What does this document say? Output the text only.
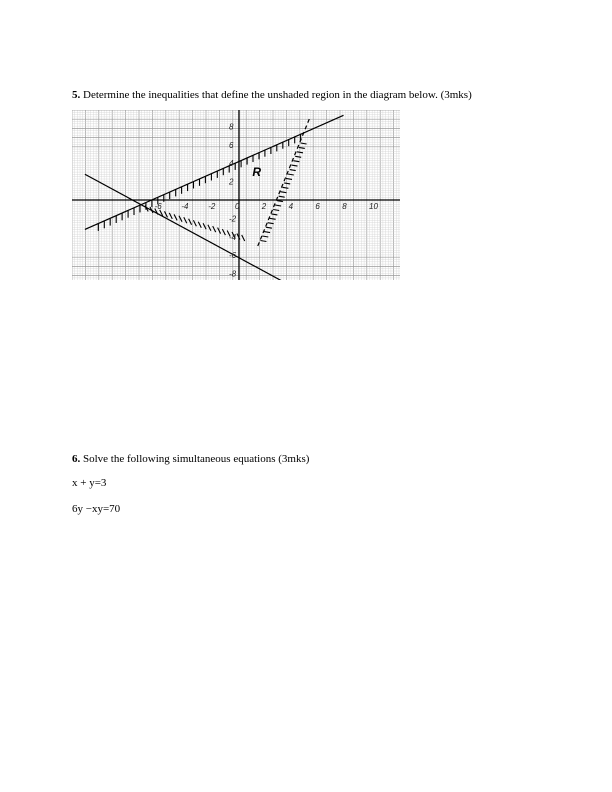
5. Determine the inequalities that define the unshaded region in the diagram below. (3mks)
-6 -4 -2 0	2	4	6	8	10
8
6
4
2
-2
-4
-6
-8
R
6. Solve the following simultaneous equations (3mks)
x + y=3
6y −xy=70
